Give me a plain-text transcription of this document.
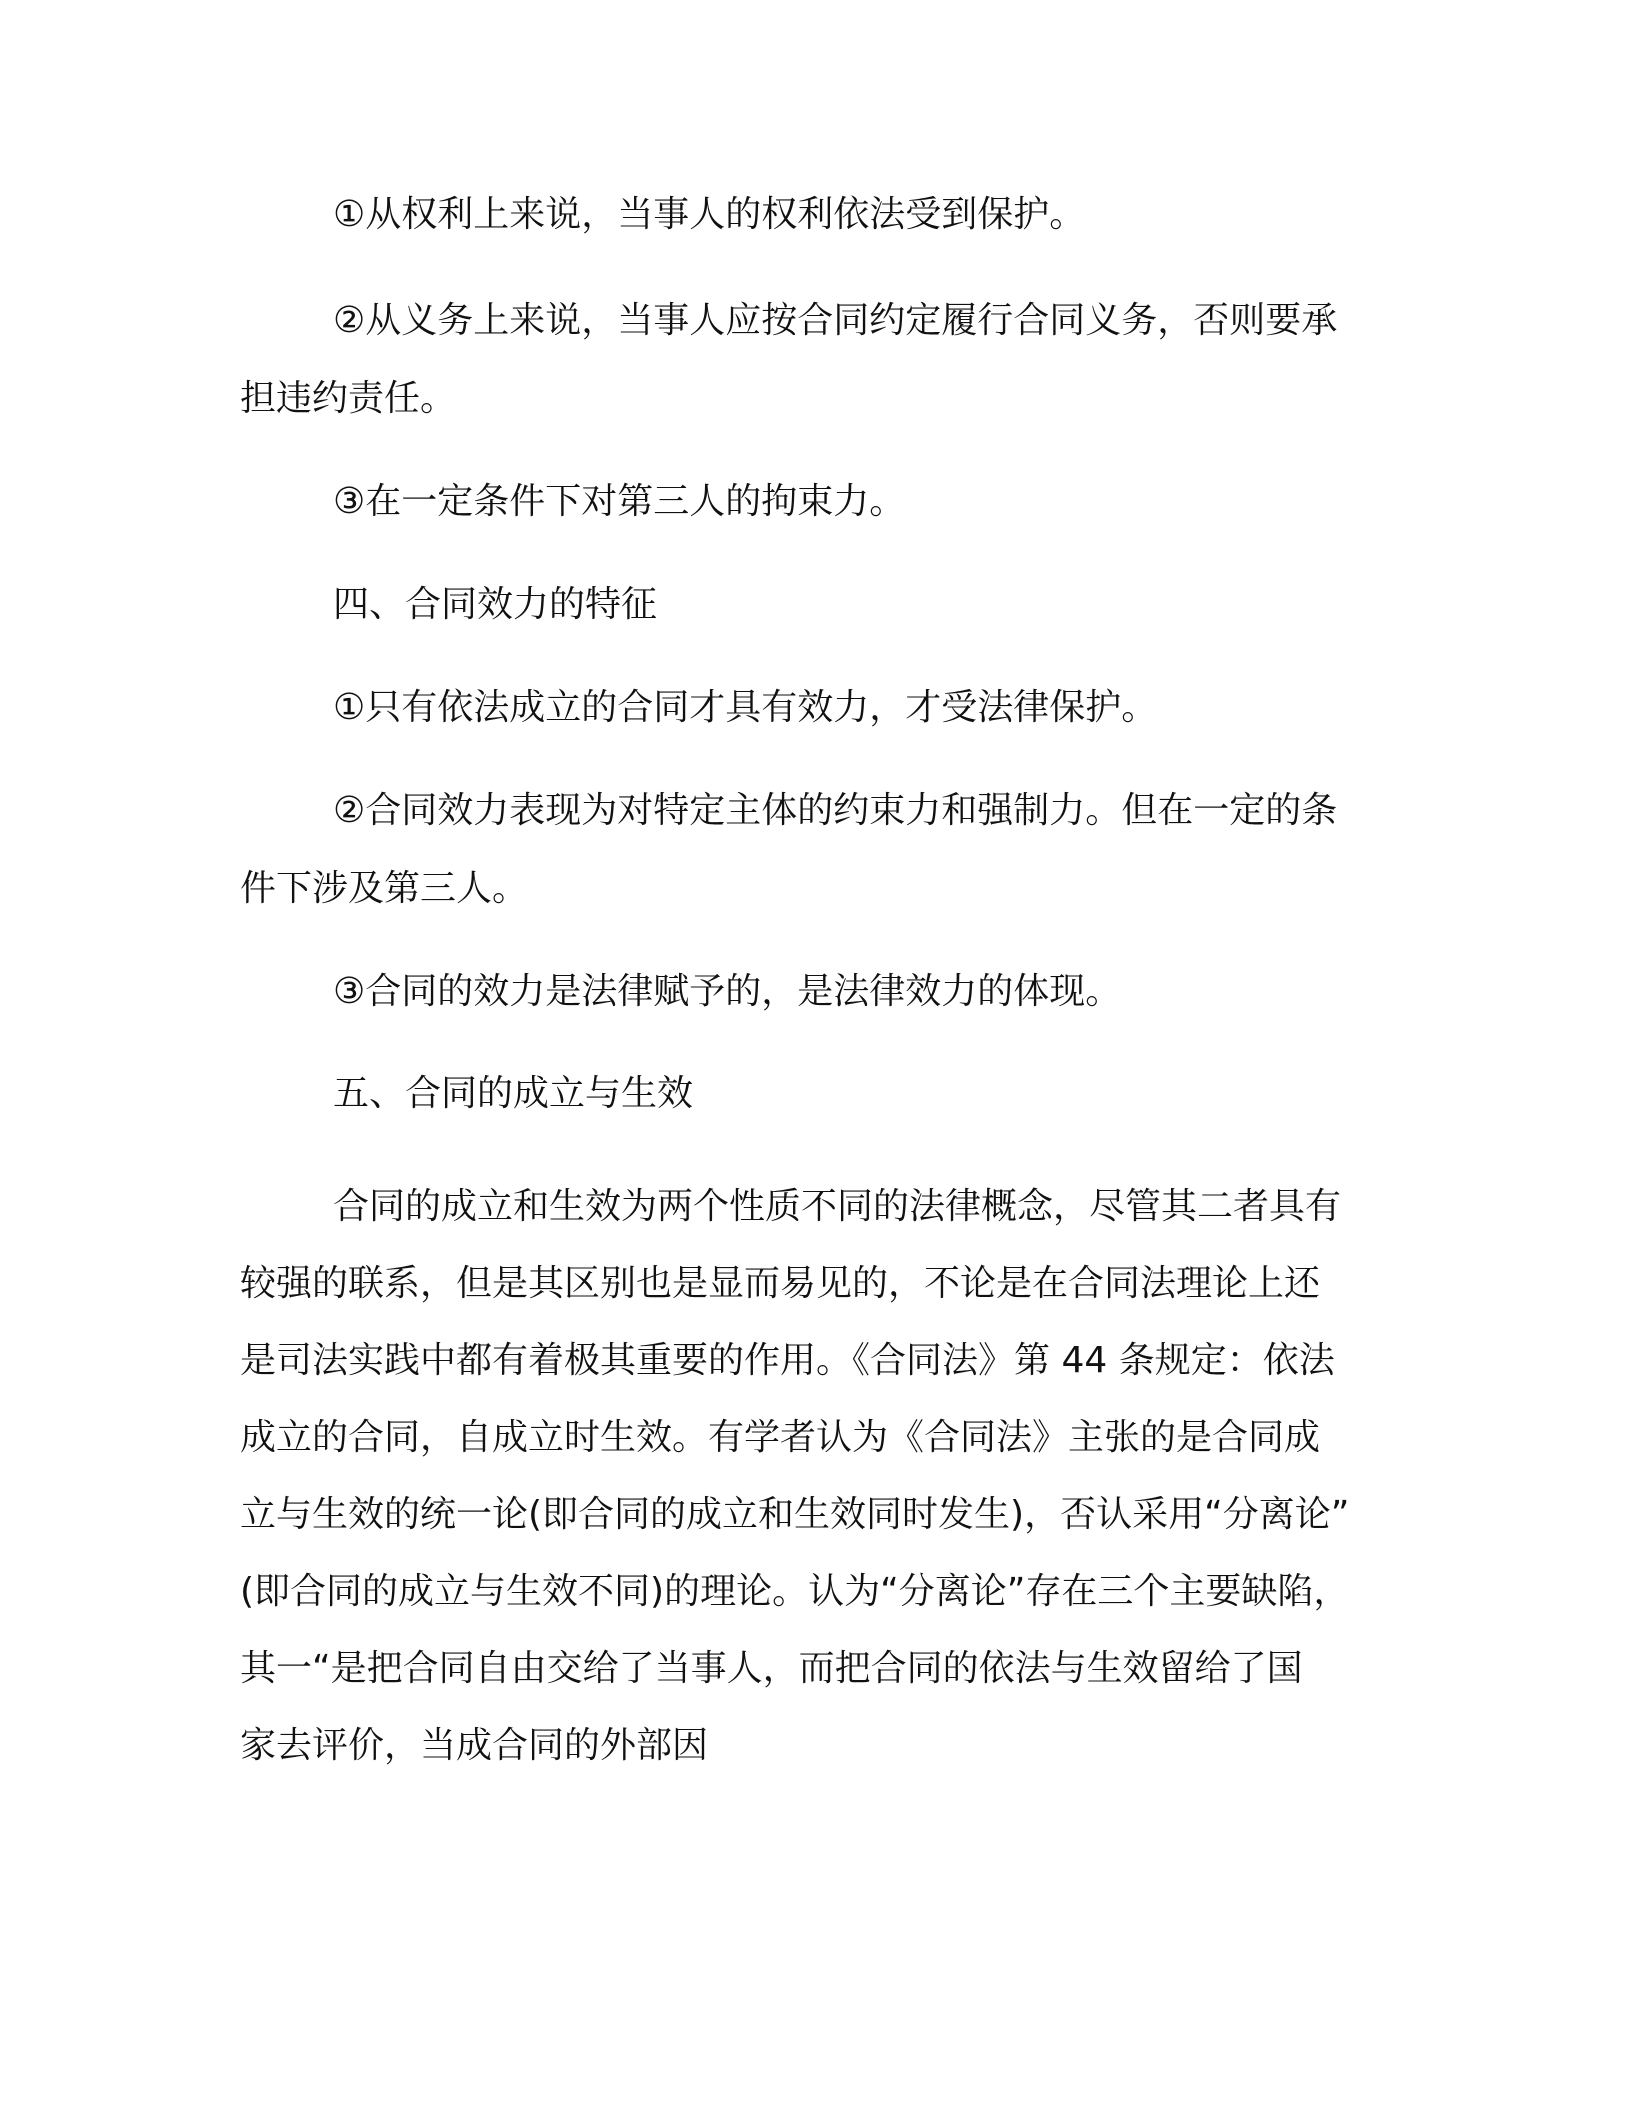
①从权利上来说，当事人的权利依法受到保护。

②从义务上来说，当事人应按合同约定履行合同义务，否则要承
担违约责任。

③在一定条件下对第三人的拘束力。

四、合同效力的特征

①只有依法成立的合同才具有效力，才受法律保护。

②合同效力表现为对特定主体的约束力和强制力。但在一定的条
件下涉及第三人。

③合同的效力是法律赋予的，是法律效力的体现。

五、合同的成立与生效

合同的成立和生效为两个性质不同的法律概念，尽管其二者具有
较强的联系，但是其区别也是显而易见的，不论是在合同法理论上还
是司法实践中都有着极其重要的作用。《合同法》第 44 条规定：依法
成立的合同，自成立时生效。有学者认为《合同法》主张的是合同成
立与生效的统一论(即合同的成立和生效同时发生)，否认采用“分离论”
(即合同的成立与生效不同)的理论。认为“分离论”存在三个主要缺陷，
其一“是把合同自由交给了当事人，而把合同的依法与生效留给了国
家去评价，当成合同的外部因
